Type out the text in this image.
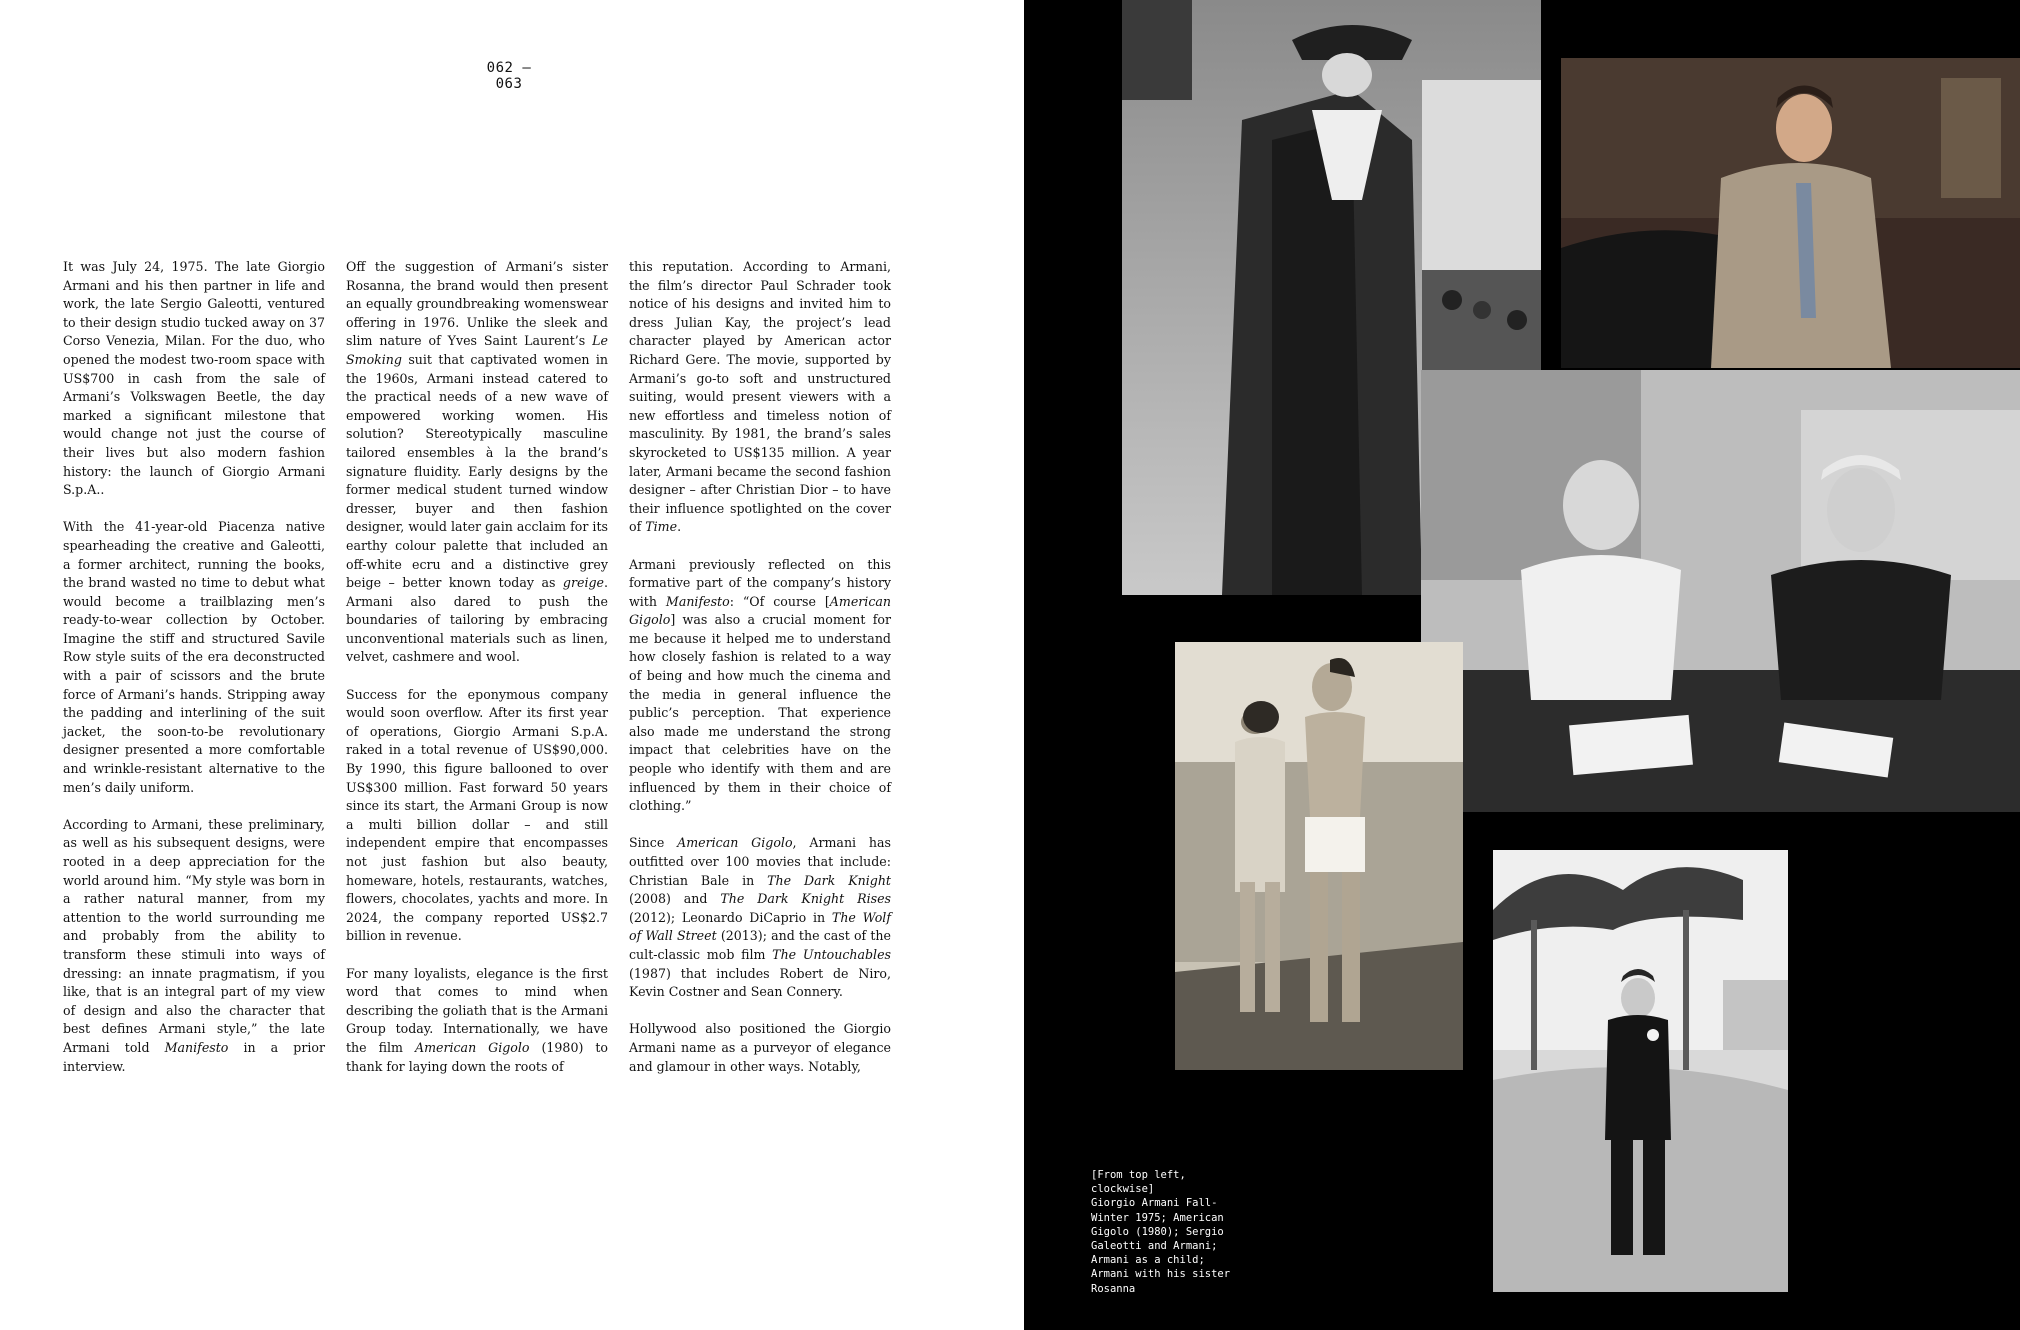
062 – 063

It was July 24, 1975. The late Giorgio Armani and his then partner in life and work, the late Sergio Galeotti, ventured to their design studio tucked away on 37 Corso Venezia, Milan. For the duo, who opened the modest two-room space with US$700 in cash from the sale of Armani’s Volkswagen Beetle, the day marked a significant milestone that would change not just the course of their lives but also modern fashion history: the launch of Giorgio Armani S.p.A..

With the 41-year-old Piacenza native spearheading the creative and Galeotti, a former architect, running the books, the brand wasted no time to debut what would become a trailblazing men’s ready-to-wear collection by October. Imagine the stiff and structured Savile Row style suits of the era deconstructed with a pair of scissors and the brute force of Armani’s hands. Stripping away the padding and interlining of the suit jacket, the soon-to-be revolutionary designer presented a more comfortable and wrinkle-resistant alternative to the men’s daily uniform.

According to Armani, these preliminary, as well as his subsequent designs, were rooted in a deep appreciation for the world around him. “My style was born in a rather natural manner, from my attention to the world surrounding me and probably from the ability to transform these stimuli into ways of dressing: an innate pragmatism, if you like, that is an integral part of my view of design and also the character that best defines Armani style,” the late Armani told Manifesto in a prior interview.

Off the suggestion of Armani’s sister Rosanna, the brand would then present an equally groundbreaking womenswear offering in 1976. Unlike the sleek and slim nature of Yves Saint Laurent’s Le Smoking suit that captivated women in the 1960s, Armani instead catered to the practical needs of a new wave of empowered working women. His solution? Stereotypically masculine tailored ensembles à la the brand’s signature fluidity. Early designs by the former medical student turned window dresser, buyer and then fashion designer, would later gain acclaim for its earthy colour palette that included an off-white ecru and a distinctive grey beige – better known today as greige. Armani also dared to push the boundaries of tailoring by embracing unconventional materials such as linen, velvet, cashmere and wool.

Success for the eponymous company would soon overflow. After its first year of operations, Giorgio Armani S.p.A. raked in a total revenue of US$90,000. By 1990, this figure ballooned to over US$300 million. Fast forward 50 years since its start, the Armani Group is now a multi billion dollar – and still independent empire that encompasses not just fashion but also beauty, homeware, hotels, restaurants, watches, flowers, chocolates, yachts and more. In 2024, the company reported US$2.7 billion in revenue.

For many loyalists, elegance is the first word that comes to mind when describing the goliath that is the Armani Group today. Internationally, we have the film American Gigolo (1980) to thank for laying down the roots of

this reputation. According to Armani, the film’s director Paul Schrader took notice of his designs and invited him to dress Julian Kay, the project’s lead character played by American actor Richard Gere. The movie, supported by Armani’s go-to soft and unstructured suiting, would present viewers with a new effortless and timeless notion of masculinity. By 1981, the brand’s sales skyrocketed to US$135 million. A year later, Armani became the second fashion designer – after Christian Dior – to have their influence spotlighted on the cover of Time.

Armani previously reflected on this formative part of the company’s history with Manifesto: “Of course [American Gigolo] was also a crucial moment for me because it helped me to understand how closely fashion is related to a way of being and how much the cinema and the media in general influence the public’s perception. That experience also made me understand the strong impact that celebrities have on the people who identify with them and are influenced by them in their choice of clothing.”

Since American Gigolo, Armani has outfitted over 100 movies that include: Christian Bale in The Dark Knight (2008) and The Dark Knight Rises (2012); Leonardo DiCaprio in The Wolf of Wall Street (2013); and the cast of the cult-classic mob film The Untouchables (1987) that includes Robert de Niro, Kevin Costner and Sean Connery.

Hollywood also positioned the Giorgio Armani name as a purveyor of elegance and glamour in other ways. Notably,

[From top left,
clockwise]
Giorgio Armani Fall-
Winter 1975; American
Gigolo (1980); Sergio
Galeotti and Armani;
Armani as a child;
Armani with his sister
Rosanna
